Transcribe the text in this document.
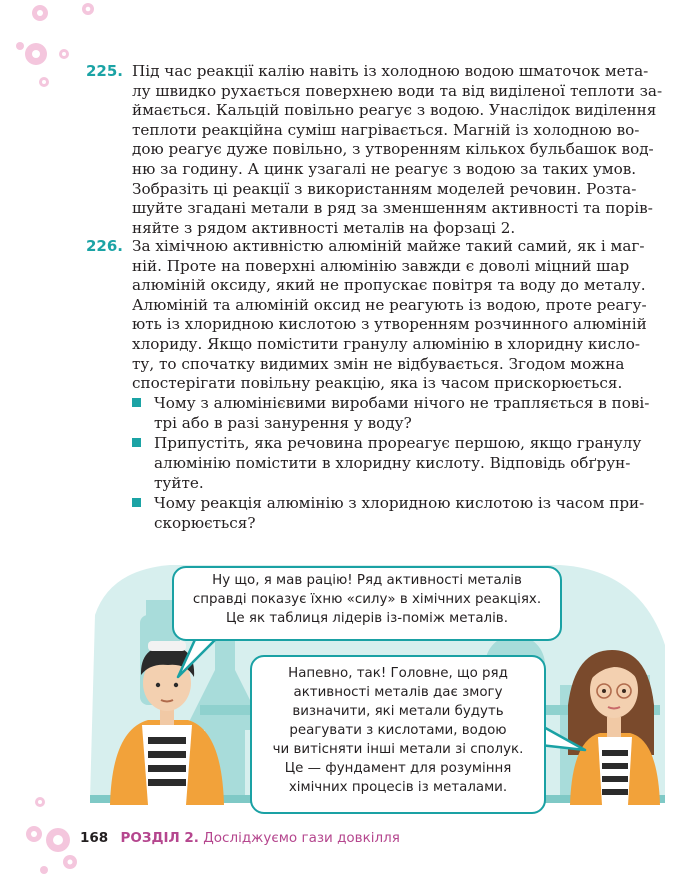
225. Під час реакції калію навіть із холодною водою шматочок мета-
лу швидко рухається поверхнею води та від виділеної теплоти за-
ймається. Кальцій повільно реагує з водою. Унаслідок виділення
теплоти реакційна суміш нагрівається. Магній із холодною во-
дою реагує дуже повільно, з утворенням кількох бульбашок вод-
ню за годину. А цинк узагалі не реагує з водою за таких умов.
Зобразіть ці реакції з використанням моделей речовин. Розта-
шуйте згадані метали в ряд за зменшенням активності та порів-
няйте з рядом активності металів на форзаці 2.
226. За хімічною активністю алюміній майже такий самий, як і маг-
ній. Проте на поверхні алюмінію завжди є доволі міцний шар
алюміній оксиду, який не пропускає повітря та воду до металу.
Алюміній та алюміній оксид не реагують із водою, проте реагу-
ють із хлоридною кислотою з утворенням розчинного алюміній
хлориду. Якщо помістити гранулу алюмінію в хлоридну кисло-
ту, то спочатку видимих змін не відбувається. Згодом можна
спостерігати повільну реакцію, яка із часом прискорюється.
Чому з алюмінієвими виробами нічого не трапляється в пові-
трі або в разі занурення у воду?
Припустіть, яка речовина прореагує першою, якщо гранулу
алюмінію помістити в хлоридну кислоту. Відповідь обґрун-
туйте.
Чому реакція алюмінію з хлоридною кислотою із часом при-
скорюється?
Ну що, я мав рацію! Ряд активності металів
справді показує їхню «силу» в хімічних реакціях.
Це як таблиця лідерів із-поміж металів.
Напевно, так! Головне, що ряд
активності металів дає змогу
визначити, які метали будуть
реагувати з кислотами, водою
чи витісняти інші метали зі сполук.
Це — фундамент для розуміння
хімічних процесів із металами.
168 РОЗДІЛ 2. Досліджуємо гази довкілля
